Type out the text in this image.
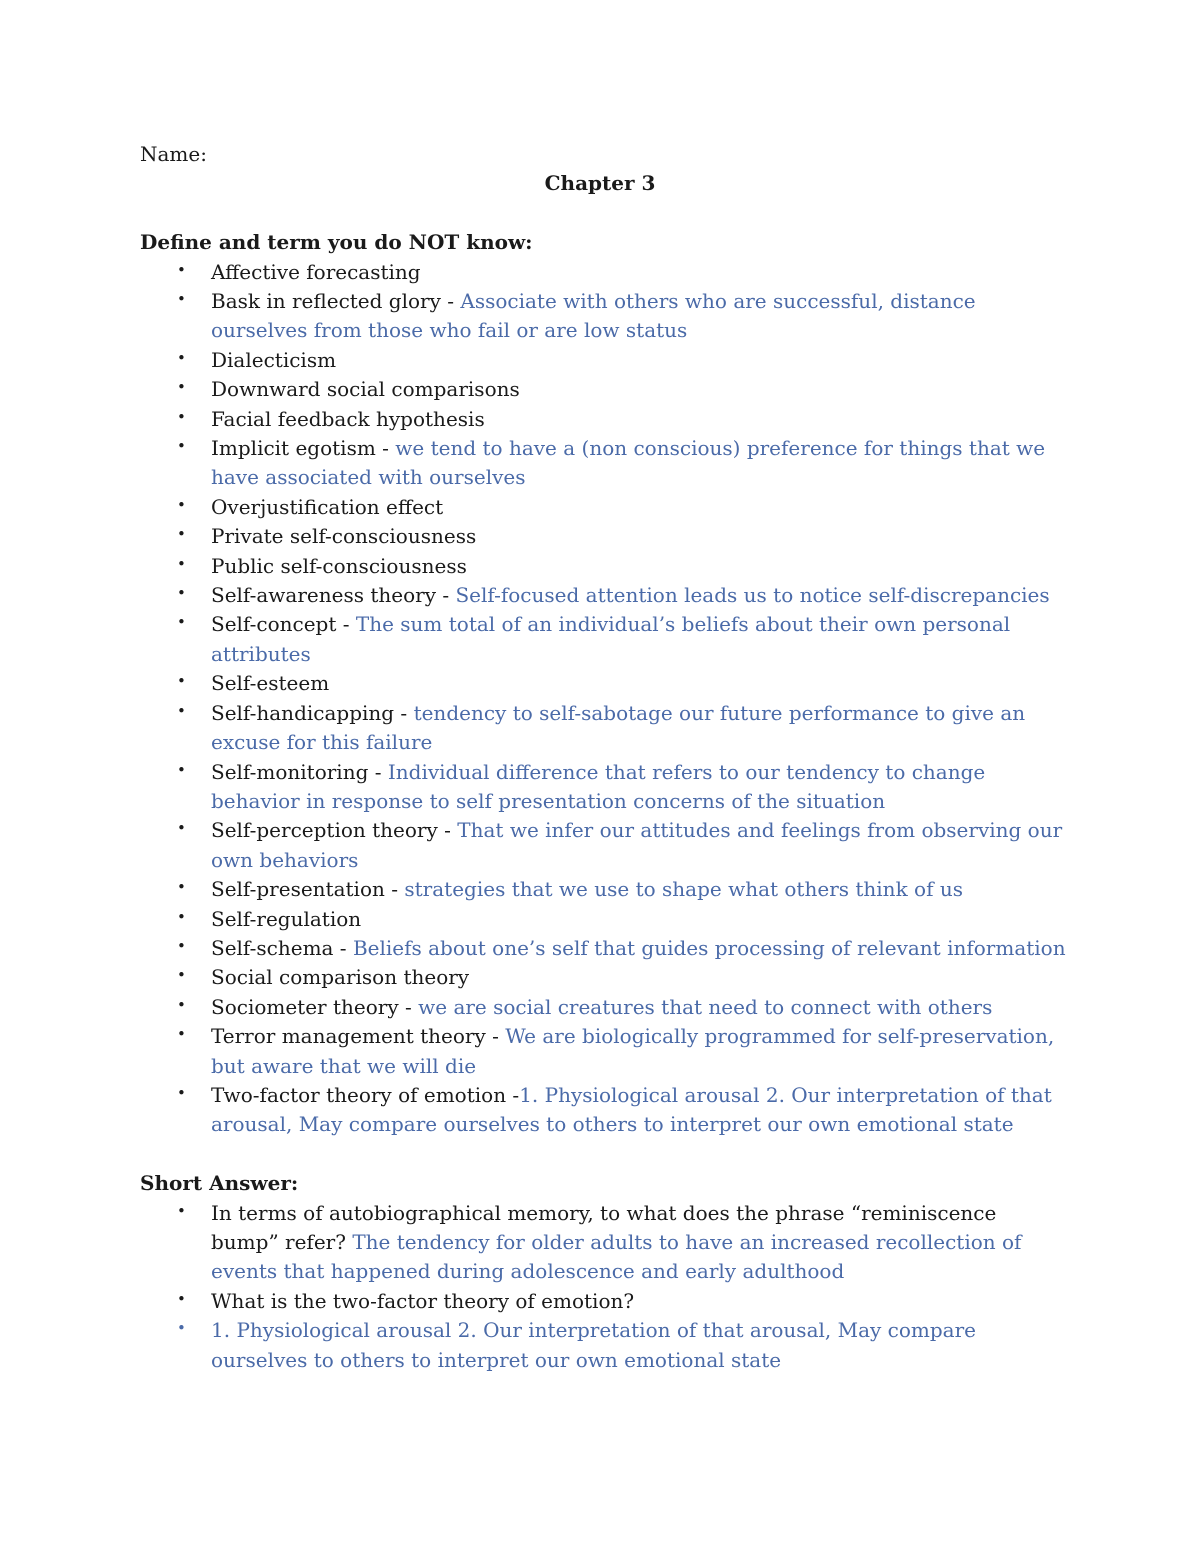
Name:

Chapter 3

Define and term you do NOT know:

• Affective forecasting
• Bask in reflected glory - Associate with others who are successful, distance ourselves from those who fail or are low status
• Dialecticism
• Downward social comparisons
• Facial feedback hypothesis
• Implicit egotism - we tend to have a (non conscious) preference for things that we have associated with ourselves
• Overjustification effect
• Private self-consciousness
• Public self-consciousness
• Self-awareness theory - Self-focused attention leads us to notice self-discrepancies
• Self-concept - The sum total of an individual’s beliefs about their own personal attributes
• Self-esteem
• Self-handicapping - tendency to self-sabotage our future performance to give an excuse for this failure
• Self-monitoring - Individual difference that refers to our tendency to change behavior in response to self presentation concerns of the situation
• Self-perception theory - That we infer our attitudes and feelings from observing our own behaviors
• Self-presentation - strategies that we use to shape what others think of us
• Self-regulation
• Self-schema - Beliefs about one’s self that guides processing of relevant information
• Social comparison theory
• Sociometer theory - we are social creatures that need to connect with others
• Terror management theory - We are biologically programmed for self-preservation, but aware that we will die
• Two-factor theory of emotion -1. Physiological arousal 2. Our interpretation of that arousal, May compare ourselves to others to interpret our own emotional state

Short Answer:

• In terms of autobiographical memory, to what does the phrase “reminiscence bump” refer? The tendency for older adults to have an increased recollection of events that happened during adolescence and early adulthood
• What is the two-factor theory of emotion?
• 1. Physiological arousal 2. Our interpretation of that arousal, May compare ourselves to others to interpret our own emotional state
